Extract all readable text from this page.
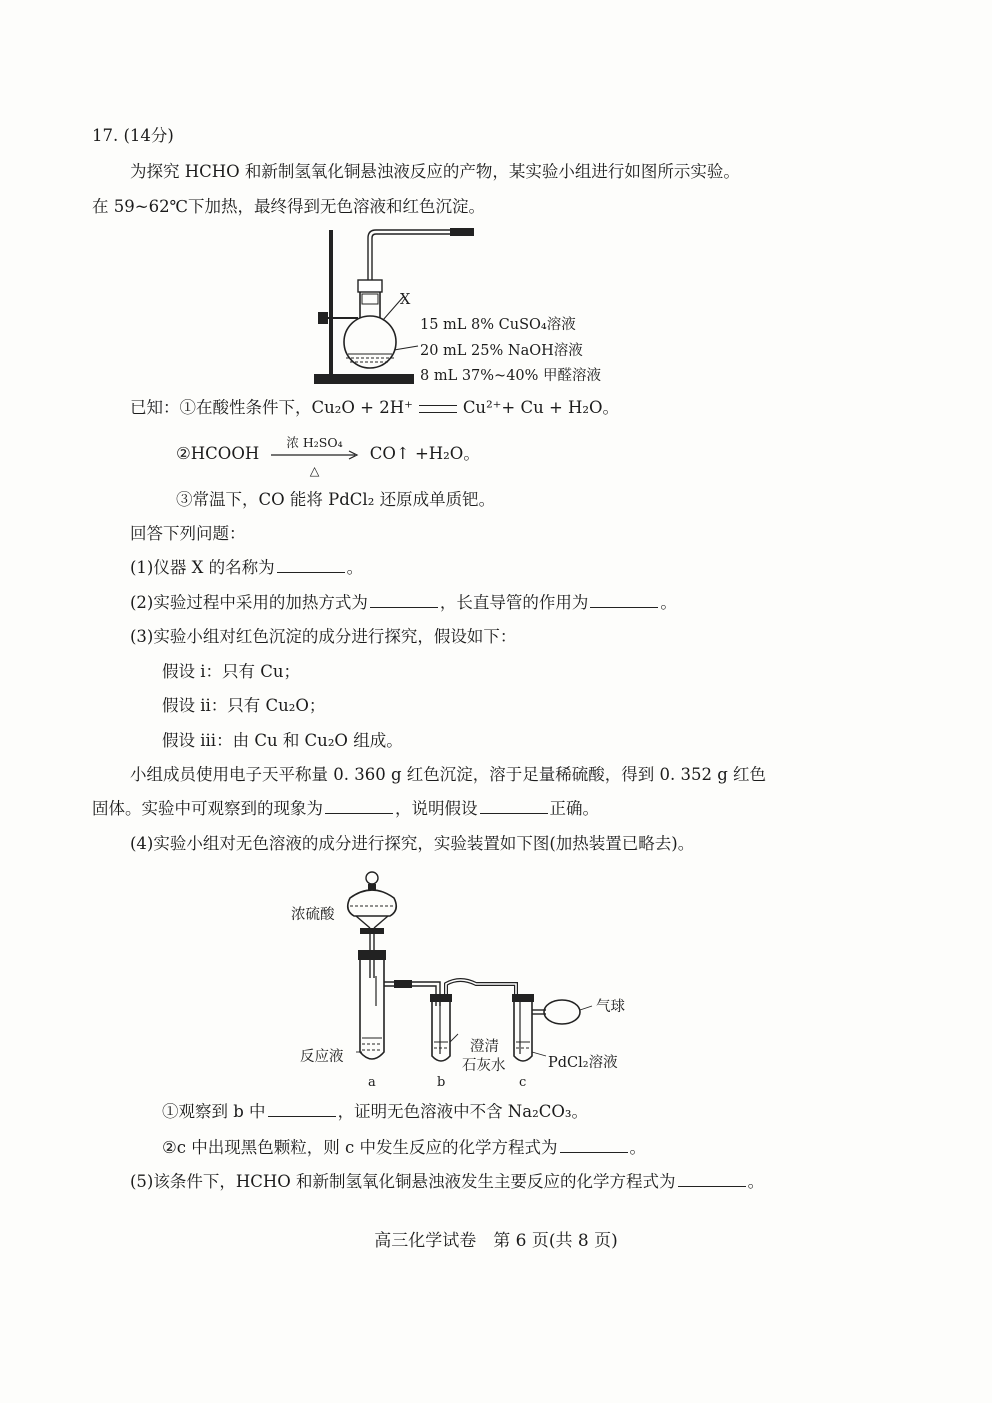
17. (14分)
为探究 HCHO 和新制氢氧化铜悬浊液反应的产物，某实验小组进行如图所示实验。
在 59~62℃下加热，最终得到无色溶液和红色沉淀。
X
15 mL 8% CuSO₄溶液
20 mL 25% NaOH溶液
8 mL 37%~40% 甲醛溶液
已知：①在酸性条件下，Cu₂O + 2H⁺	Cu²⁺+ Cu + H₂O。
②HCOOH
浓 H₂SO₄
△
CO↑ +H₂O。
③常温下，CO 能将 PdCl₂ 还原成单质钯。
回答下列问题：
(1)仪器 X 的名称为	。
(2)实验过程中采用的加热方式为	，长直导管的作用为	。
(3)实验小组对红色沉淀的成分进行探究，假设如下：
假设 i：只有 Cu；
假设 ii：只有 Cu₂O；
假设 iii：由 Cu 和 Cu₂O 组成。
小组成员使用电子天平称量 0. 360 g 红色沉淀，溶于足量稀硫酸，得到 0. 352 g 红色
固体。实验中可观察到的现象为	，说明假设	正确。
(4)实验小组对无色溶液的成分进行探究，实验装置如下图(加热装置已略去)。
浓硫酸
气球
反应液
澄清
石灰水	PdCl₂溶液
a	b	c
①观察到 b 中	，证明无色溶液中不含 Na₂CO₃。
②c 中出现黑色颗粒，则 c 中发生反应的化学方程式为	。
(5)该条件下，HCHO 和新制氢氧化铜悬浊液发生主要反应的化学方程式为	。
高三化学试卷　第 6 页(共 8 页)
